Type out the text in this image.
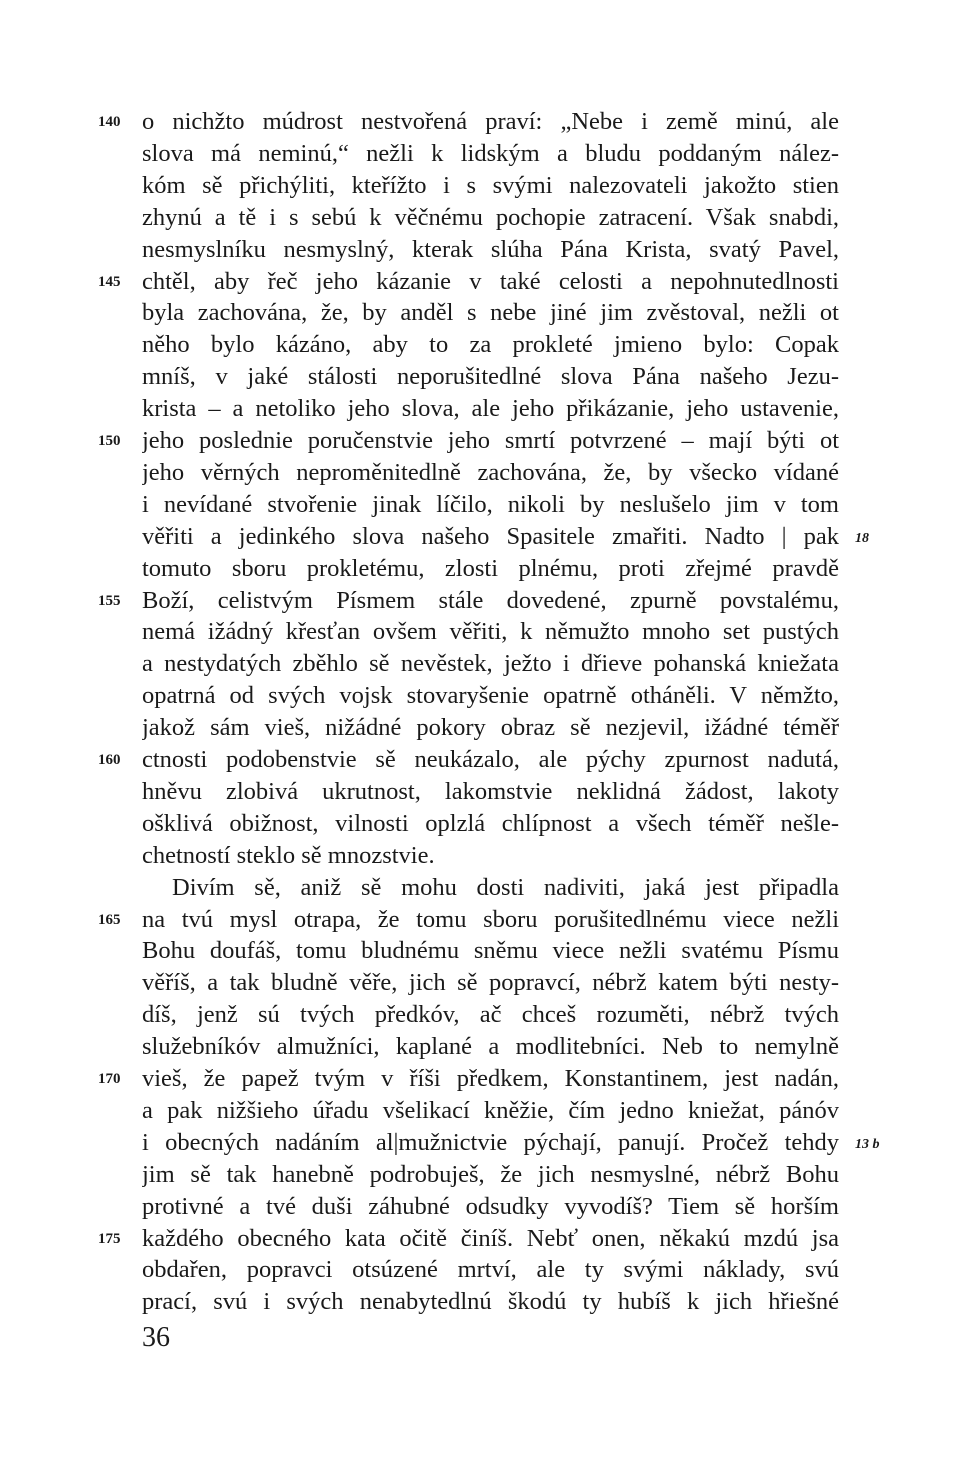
o nichžto múdrost nestvořená praví: „Nebe i země minú, ale
slova má neminú,“ nežli k lidským a bludu poddaným nález-
kóm sě přichýliti, kteřížto i s svými nalezovateli jakožto stien
zhynú a tě i s sebú k věčnému pochopie zatracení. Však snabdi,
nesmyslníku nesmyslný, kterak slúha Pána Krista, svatý Pavel,
chtěl, aby řeč jeho kázanie v také celosti a nepohnutedlnosti
byla zachována, že, by anděl s nebe jiné jim zvěstoval, nežli ot
něho bylo kázáno, aby to za prokleté jmieno bylo: Copak
mníš, v jaké stálosti neporušitedlné slova Pána našeho Jezu-
krista – a netoliko jeho slova, ale jeho přikázanie, jeho ustavenie,
jeho poslednie poručenstvie jeho smrtí potvrzené – mají býti ot
jeho věrných neproměnitedlně zachována, že, by všecko vídané
i nevídané stvořenie jinak líčilo, nikoli by neslušelo jim v tom
věřiti a jedinkého slova našeho Spasitele zmařiti. Nadto | pak
tomuto sboru prokletému, zlosti plnému, proti zřejmé pravdě
Boží, celistvým Písmem stále dovedené, zpurně povstalému,
nemá ižádný křesťan ovšem věřiti, k němužto mnoho set pustých
a nestydatých zběhlo sě nevěstek, ježto i dřieve pohanská kniežata
opatrná od svých vojsk stovaryšenie opatrně otháněli. V němžto,
jakož sám vieš, nižádné pokory obraz sě nezjevil, ižádné téměř
ctnosti podobenstvie sě neukázalo, ale pýchy zpurnost nadutá,
hněvu zlobivá ukrutnost, lakomstvie neklidná žádost, lakoty
ošklivá obižnost, vilnosti oplzlá chlípnost a všech téměř nešle-
chetností steklo sě mnozstvie.
Divím sě, aniž sě mohu dosti nadiviti, jaká jest připadla
na tvú mysl otrapa, že tomu sboru porušitedlnému viece nežli
Bohu doufáš, tomu bludnému sněmu viece nežli svatému Písmu
věříš, a tak bludně věře, jich sě popravcí, nébrž katem býti nesty-
díš, jenž sú tvých předkóv, ač chceš rozuměti, nébrž tvých
služebníkóv almužníci, kaplané a modlitebníci. Neb to nemylně
vieš, že papež tvým v říši předkem, Konstantinem, jest nadán,
a pak nižšieho úřadu všelikací kněžie, čím jedno kniežat, pánóv
i obecných nadáním al|mužnictvie pýchají, panují. Pročež tehdy
jim sě tak hanebně podrobuješ, že jich nesmyslné, nébrž Bohu
protivné a tvé duši záhubné odsudky vyvodíš? Tiem sě horším
každého obecného kata očitě činíš. Nebť onen, někakú mzdú jsa
obdařen, popravci otsúzené mrtví, ale ty svými náklady, svú
prací, svú i svých nenabytedlnú škodú ty hubíš k jich hřiešné
140
145
150
155
160
165
170
175
18
13 b
36
